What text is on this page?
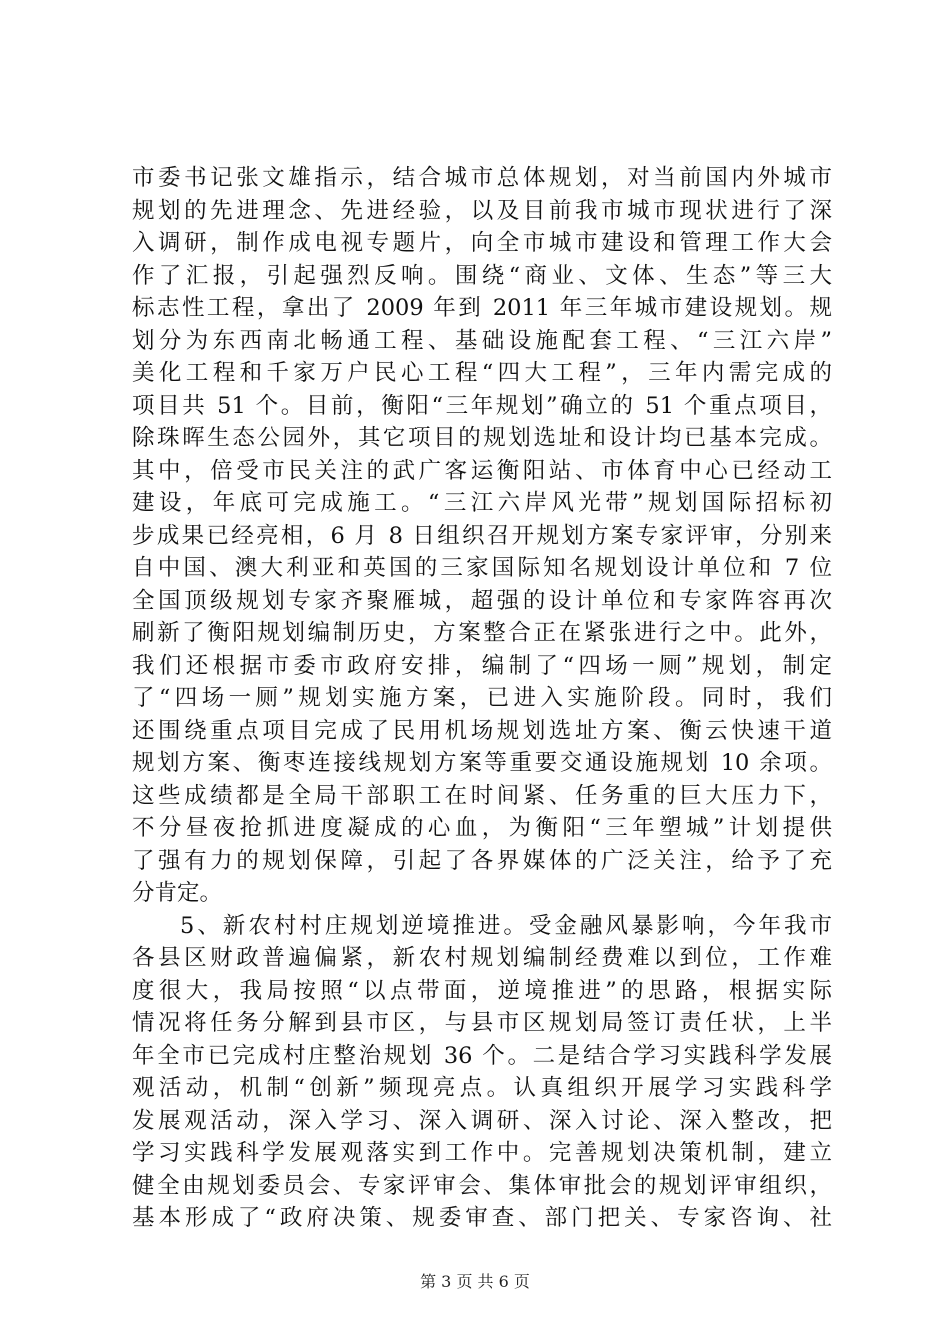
市委书记张文雄指示，结合城市总体规划，对当前国内外城市
规划的先进理念、先进经验，以及目前我市城市现状进行了深
入调研，制作成电视专题片，向全市城市建设和管理工作大会
作了汇报，引起强烈反响。围绕“商业、文体、生态”等三大
标志性工程，拿出了 2009 年到 2011 年三年城市建设规划。规
划分为东西南北畅通工程、基础设施配套工程、“三江六岸”
美化工程和千家万户民心工程“四大工程”，三年内需完成的
项目共 51 个。目前，衡阳“三年规划”确立的 51 个重点项目，
除珠晖生态公园外，其它项目的规划选址和设计均已基本完成。
其中，倍受市民关注的武广客运衡阳站、市体育中心已经动工
建设，年底可完成施工。“三江六岸风光带”规划国际招标初
步成果已经亮相，6 月 8 日组织召开规划方案专家评审，分别来
自中国、澳大利亚和英国的三家国际知名规划设计单位和 7 位
全国顶级规划专家齐聚雁城，超强的设计单位和专家阵容再次
刷新了衡阳规划编制历史，方案整合正在紧张进行之中。此外，
我们还根据市委市政府安排，编制了“四场一厕”规划，制定
了“四场一厕”规划实施方案，已进入实施阶段。同时，我们
还围绕重点项目完成了民用机场规划选址方案、衡云快速干道
规划方案、衡枣连接线规划方案等重要交通设施规划 10 余项。
这些成绩都是全局干部职工在时间紧、任务重的巨大压力下，
不分昼夜抢抓进度凝成的心血，为衡阳“三年塑城”计划提供
了强有力的规划保障，引起了各界媒体的广泛关注，给予了充
分肯定。
5、新农村村庄规划逆境推进。受金融风暴影响，今年我市
各县区财政普遍偏紧，新农村规划编制经费难以到位，工作难
度很大，我局按照“以点带面，逆境推进”的思路，根据实际
情况将任务分解到县市区，与县市区规划局签订责任状，上半
年全市已完成村庄整治规划 36 个。二是结合学习实践科学发展
观活动，机制“创新”频现亮点。认真组织开展学习实践科学
发展观活动，深入学习、深入调研、深入讨论、深入整改，把
学习实践科学发展观落实到工作中。完善规划决策机制，建立
健全由规划委员会、专家评审会、集体审批会的规划评审组织，
基本形成了“政府决策、规委审查、部门把关、专家咨询、社
第 3 页 共 6 页
